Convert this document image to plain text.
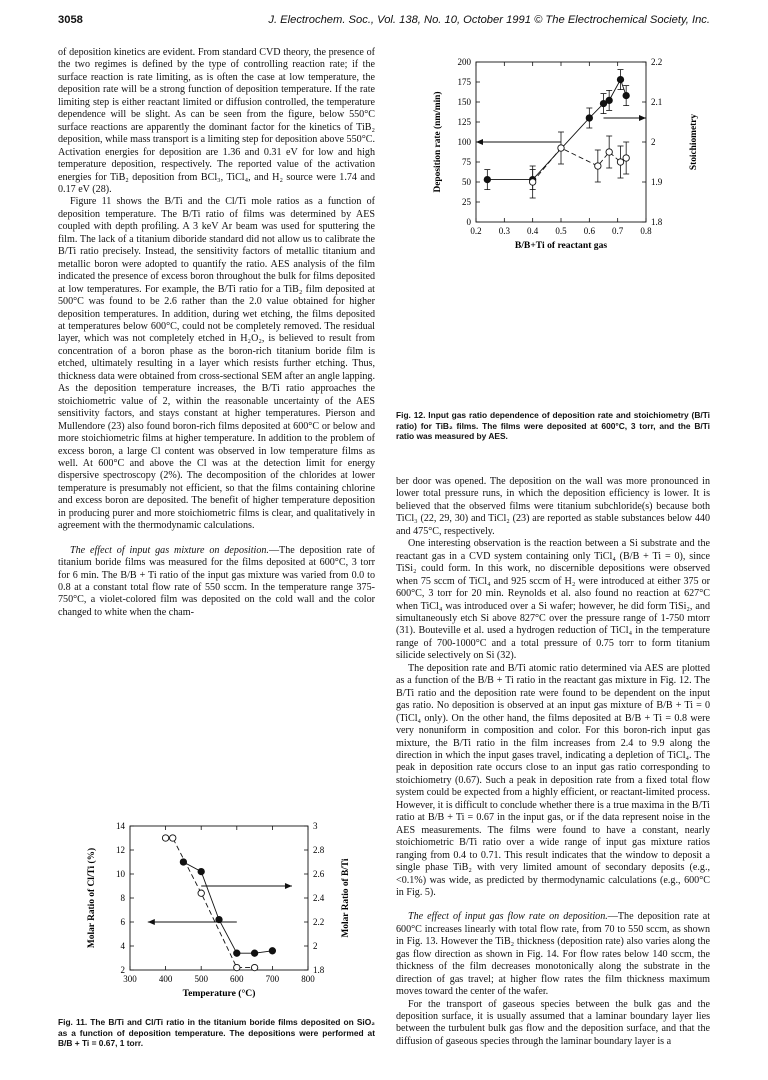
3058	J. Electrochem. Soc., Vol. 138, No. 10, October 1991 © The Electrochemical Society, Inc.

of deposition kinetics are evident. From standard CVD theory, the presence of the two regimes is defined by the type of controlling reaction rate; if the surface reaction is rate limiting, as is often the case at low temperature, the deposition rate will be a strong function of deposition temperature. If the rate limiting step is either reactant limited or diffusion controlled, the temperature dependence will be slight. As can be seen from the figure, below 550°C surface reactions are apparently the dominant factor for the kinetics of TiB₂ deposition, while mass transport is a limiting step for deposition above 550°C. Activation energies for deposition are 1.36 and 0.31 eV for low and high temperature deposition, respectively. The reported value of the activation energies for TiB₂ deposition from BCl₃, TiCl₄, and H₂ source were 1.74 and 0.17 eV (28).

Figure 11 shows the B/Ti and the Cl/Ti mole ratios as a function of deposition temperature. The B/Ti ratio of films was determined by AES coupled with depth profiling. A 3 keV Ar beam was used for sputtering the film. The lack of a titanium diboride standard did not allow us to calibrate the B/Ti ratio precisely. Instead, the sensitivity factors of metallic titanium and metallic boron were adopted to quantify the ratio. AES analysis of the film indicated the presence of excess boron throughout the bulk for films deposited at low temperatures. For example, the B/Ti ratio for a TiB₂ film deposited at 500°C was found to be 2.6 rather than the 2.0 value obtained for higher deposition temperatures. In addition, during wet etching, the films deposited at temperatures below 600°C, could not be completely removed. The residual layer, which was not completely etched in H₂O₂, is believed to result from concentration of a boron phase as the boron-rich titanium boride film is etched, ultimately resulting in a layer which resists further etching. Thus, thickness data were obtained from cross-sectional SEM after an angle lapping. As the deposition temperature increases, the B/Ti ratio approaches the stoichiometric value of 2, within the reasonable uncertainty of the AES sensitivity factors, and stays constant at higher temperatures. Pierson and Mullendore (23) also found boron-rich films deposited at 600°C or below and more stoichiometric films at higher temperature. In addition to the problem of excess boron, a large Cl content was observed in low temperature films as well. At 600°C and above the Cl was at the detection limit for energy dispersive spectroscopy (2%). The decomposition of the chlorides at lower temperature is presumably not efficient, so that the films containing chlorine and excess boron are deposited. The benefit of higher temperature deposition in producing purer and more stoichiometric films is clear, and qualitatively in agreement with the thermodynamic calculations.

The effect of input gas mixture on deposition.—The deposition rate of titanium boride films was measured for the films deposited at 600°C, 3 torr for 6 min. The B/B + Ti ratio of the input gas mixture was varied from 0.0 to 0.8 at a constant total flow rate of 550 sccm. In the temperature range 375-750°C, a violet-colored film was deposited on the cold wall and the color changed to white when the cham-

ber door was opened. The deposition on the wall was more pronounced in lower total pressure runs, in which the deposition efficiency is lower. It is believed that the observed films were titanium subchloride(s) because both TiCl₃ (22, 29, 30) and TiCl₂ (23) are reported as stable substances below 440 and 475°C, respectively.

One interesting observation is the reaction between a Si substrate and the reactant gas in a CVD system containing only TiCl₄ (B/B + Ti = 0), since TiSi₂ could form. In this work, no discernible depositions were observed when 75 sccm of TiCl₄ and 925 sccm of H₂ were introduced at either 375 or 600°C, 3 torr for 20 min. Reynolds et al. also found no reaction at 627°C when TiCl₄ was introduced over a Si wafer; however, he did form TiSi₂, and simultaneously etch Si above 827°C over the pressure range of 1-750 mtorr (31). Bouteville et al. used a hydrogen reduction of TiCl₄ in the temperature range of 700-1000°C and a total pressure of 0.75 torr to form titanium silicide selectively on Si (32).

The deposition rate and B/Ti atomic ratio determined via AES are plotted as a function of the B/B + Ti ratio in the reactant gas mixture in Fig. 12. The B/Ti ratio and the deposition rate were found to be dependent on the input gas ratio. No deposition is observed at an input gas mixture of B/B + Ti = 0 (TiCl₄ only). On the other hand, the films deposited at B/B + Ti = 0.8 were very nonuniform in composition and color. For this boron-rich input gas mixture, the B/Ti ratio in the film increases from 2.4 to 9.9 along the direction in which the input gases travel, indicating a depletion of TiCl₄. The peak in deposition rate occurs close to an input gas ratio corresponding to stoichiometry (0.67). Such a peak in deposition rate from a fixed total flow system could be expected from a highly efficient, or reactant-limited process. However, it is difficult to conclude whether there is a true maxima in the B/Ti ratio at B/B + Ti = 0.67 in the input gas, or if the data represent noise in the AES measurements. The films were found to have a constant, nearly stoichiometric B/Ti ratio over a wide range of input gas mixture ratios ranging from 0.4 to 0.71. This result indicates that the window to deposit a single phase TiB₂ with very limited amount of secondary deposits (e.g., <0.1%) was wide, as predicted by thermodynamic calculations (e.g., 600°C in Fig. 5).

The effect of input gas flow rate on deposition.—The deposition rate at 600°C increases linearly with total flow rate, from 70 to 550 sccm, as shown in Fig. 13. However the TiB₂ thickness (deposition rate) also varies along the gas flow direction as shown in Fig. 14. For flow rates below 140 sccm, the thickness of the film decreases monotonically along the substrate in the direction of gas travel; at higher flow rates the film thickness maximum moves toward the center of the wafer.

For the transport of gaseous species between the bulk gas and the deposition surface, it is usually assumed that a laminar boundary layer lies between the turbulent bulk gas flow and the deposition surface, and that the diffusion of gaseous species through the laminar boundary layer is a

0.2 0.3 0.4 0.5 0.6 0.7 0.8
0
25
50
75
100
125
150
175
200
1.8
1.9
2
2.1
2.2
B/B+Ti of reactant gas
Deposition rate (nm/min)	Stoichiometry
Fig. 12. Input gas ratio dependence of deposition rate and stoichiometry (B/Ti ratio) for TiB₂ films. The films were deposited at 600°C, 3 torr, and the B/Ti ratio was measured by AES.
300 400 500 600 700 800
2
4
6
8
10
12
14
1.8
2
2.2
2.4
2.6
2.8
3
Temperature (°C)
Molar Ratio of Cl/Ti (%)	Molar Ratio of B/Ti
Fig. 11. The B/Ti and Cl/Ti ratio in the titanium boride films deposited on SiO₂ as a function of deposition temperature. The depositions were performed at B/B + Ti = 0.67, 1 torr.
